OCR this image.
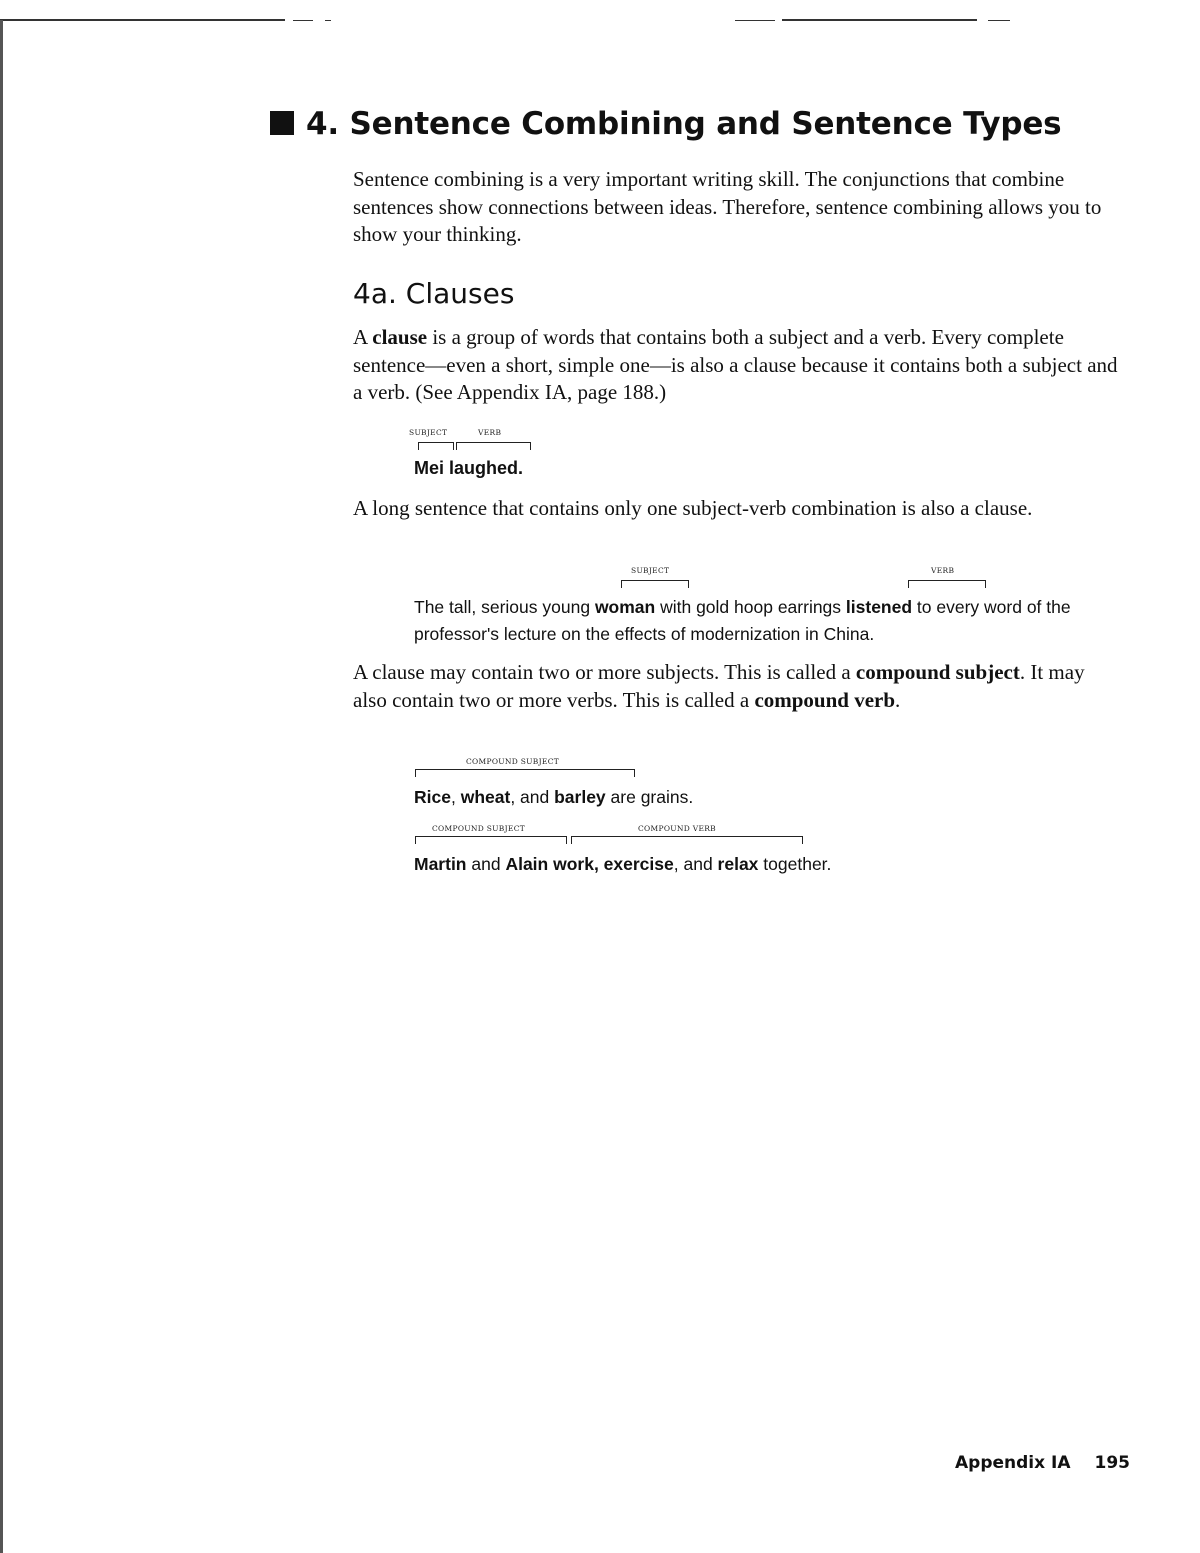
4. Sentence Combining and Sentence Types

Sentence combining is a very important writing skill. The conjunctions that combine sentences show connections between ideas. Therefore, sentence combining allows you to show your thinking.

4a. Clauses

A clause is a group of words that contains both a subject and a verb. Every complete sentence—even a short, simple one—is also a clause because it contains both a subject and a verb. (See Appendix IA, page 188.)

SUBJECT	VERB
Mei laughed.

A long sentence that contains only one subject-verb combination is also a clause.

SUBJECT	VERB
The tall, serious young woman with gold hoop earrings listened to every word of the professor's lecture on the effects of modernization in China.

A clause may contain two or more subjects. This is called a compound subject. It may also contain two or more verbs. This is called a compound verb.

COMPOUND SUBJECT
Rice, wheat, and barley are grains.
COMPOUND SUBJECT	COMPOUND VERB
Martin and Alain work, exercise, and relax together.
Appendix IA 195
